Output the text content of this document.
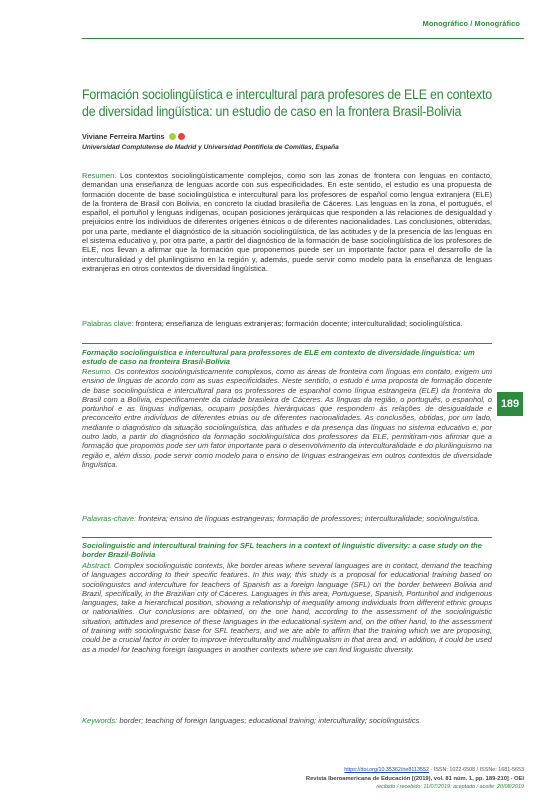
Monográfico / Monográfico
Formación sociolingüística e intercultural para profesores de ELE en contexto
de diversidad lingüística: un estudio de caso en la frontera Brasil-Bolivia
Viviane Ferreira Martins
Universidad Complutense de Madrid y Universidad Pontificia de Comillas, España
Resumen. Los contextos sociolingüísticamente complejos, como son las zonas de frontera con lenguas en contacto, demandan una enseñanza de lenguas acorde con sus especificidades. En este sentido, el estudio es una propuesta de formación docente de base sociolingüística e intercultural para los profesores de español como lengua extranjera (ELE) de la frontera de Brasil con Bolivia, en concreto la ciudad brasileña de Cáceres. Las lenguas en la zona, el portugués, el español, el portuñol y lenguas indígenas, ocupan posiciones jerárquicas que responden a las relaciones de desigualdad y prejuicios entre los individuos de diferentes orígenes étnicos o de diferentes nacionalidades. Las conclusiones, obtenidas, por una parte, mediante el diagnóstico de la situación sociolingüística, de las actitudes y de la presencia de las lenguas en el sistema educativo y, por otra parte, a partir del diagnóstico de la formación de base sociolingüística de los profesores de ELE, nos llevan a afirmar que la formación que proponemos puede ser un importante factor para el desarrollo de la interculturalidad y del plurilingüismo en la región y, además, puede servir como modelo para la enseñanza de lenguas extranjeras en otros contextos de diversidad lingüística.
Palabras clave: frontera; enseñanza de lenguas extranjeras; formación docente; interculturalidad; sociolingüística.
Formação sociolinguística e intercultural para professores de ELE em contexto de diversidade linguística: um estudo de caso na fronteira Brasil-Bolívia
Resumo. Os contextos sociolinguisticamente complexos, como as áreas de fronteira com línguas em contato, exigem um ensino de línguas de acordo com as suas especificidades. Neste sentido, o estudo é uma proposta de formação docente de base sociolinguística e intercultural para os professores de espanhol como língua estrangeira (ELE) da fronteira do Brasil com a Bolívia, especificamente da cidade brasileira de Cáceres. As línguas da região, o português, o espanhol, o portunhol e as línguas indígenas, ocupam posições hierárquicas que respondem às relações de desigualdade e preconceito entre indivíduos de diferentes etnias ou de diferentes nacionalidades. As conclusões, obtidas, por um lado, mediante o diagnóstico da situação sociolinguística, das atitudes e da presença das línguas no sistema educativo e, por outro lado, a partir do diagnóstico da formação sociolinguística dos professores da ELE, permitiram-nos afirmar que a formação que propomos pode ser um fator importante para o desenvolvimento da interculturalidade e do plurilinguismo na região e, além disso, pode servir como modelo para o ensino de línguas estrangeiras em outros contextos de diversidade linguística.
Palavras-chave: fronteira; ensino de línguas estrangeiras; formação de professores; interculturalidade; sociolinguística.
Sociolinguistic and intercultural training for SFL teachers in a context of linguistic diversity: a case study on the border Brazil-Bolivia
Abstract. Complex sociolinguistic contexts, like border areas where several languages are in contact, demand the teaching of languages according to their specific features. In this way, this study is a proposal for educational training based on sociolinguistcs and interculture for teachers of Spanish as a foreign language (SFL) on the border between Bolivia and Brazil, specifically, in the Brazilian city of Cáceres. Languages in this area, Portuguese, Spanish, Portunhol and indigenous languages, take a hierarchical position, showing a relationship of inequality among individuals from different ethnic groups or nationalities. Our conclusions are obtained, on the one hand, according to the assessment of the sociolinguistic situation, attitudes and presence of these languages in the educational system and, on the other hand, to the assessment of training with sociolinguistic base for SFL teachers, and we are able to affirm that the training which we are proposing, could be a crucial factor in order to improve interculturality and multilingualism in that area and, in addition, it could be used as a model for teaching foreign languages in another contexts where we can find linguistic diversity.
Keywords: border; teaching of foreign languages; educational training; interculturality; sociolinguistics.
189
https://doi.org/10.35362/rie8113552 · ISSN: 1022-6508 / ISSNe: 1681-5653
Revista Iberoamericana de Educación [(2019), vol. 81 núm. 1, pp. 189-210] - OEI
recibido / recebido: 11/07/2019; aceptado / aceite: 20/08/2019
